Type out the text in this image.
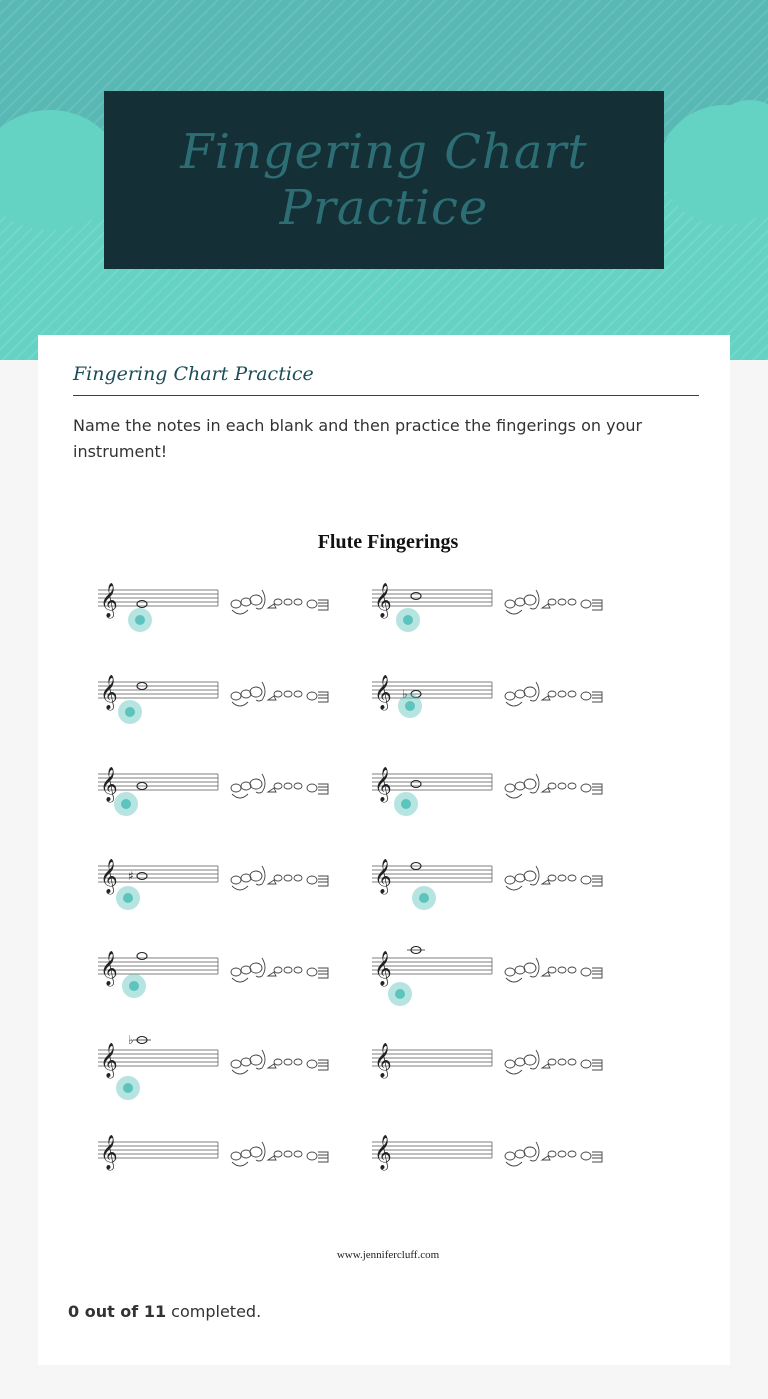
Fingering Chart Practice
Fingering Chart Practice
Name the notes in each blank and then practice the fingerings on your instrument!
𝄞	𝄞
𝄞	𝄞 ♭
𝄞	𝄞
𝄞 ♯	𝄞
𝄞	𝄞
𝄞
♭
𝄞
𝄞	𝄞
Flute Fingerings
www.jennifercluff.com
0 out of 11 completed.
